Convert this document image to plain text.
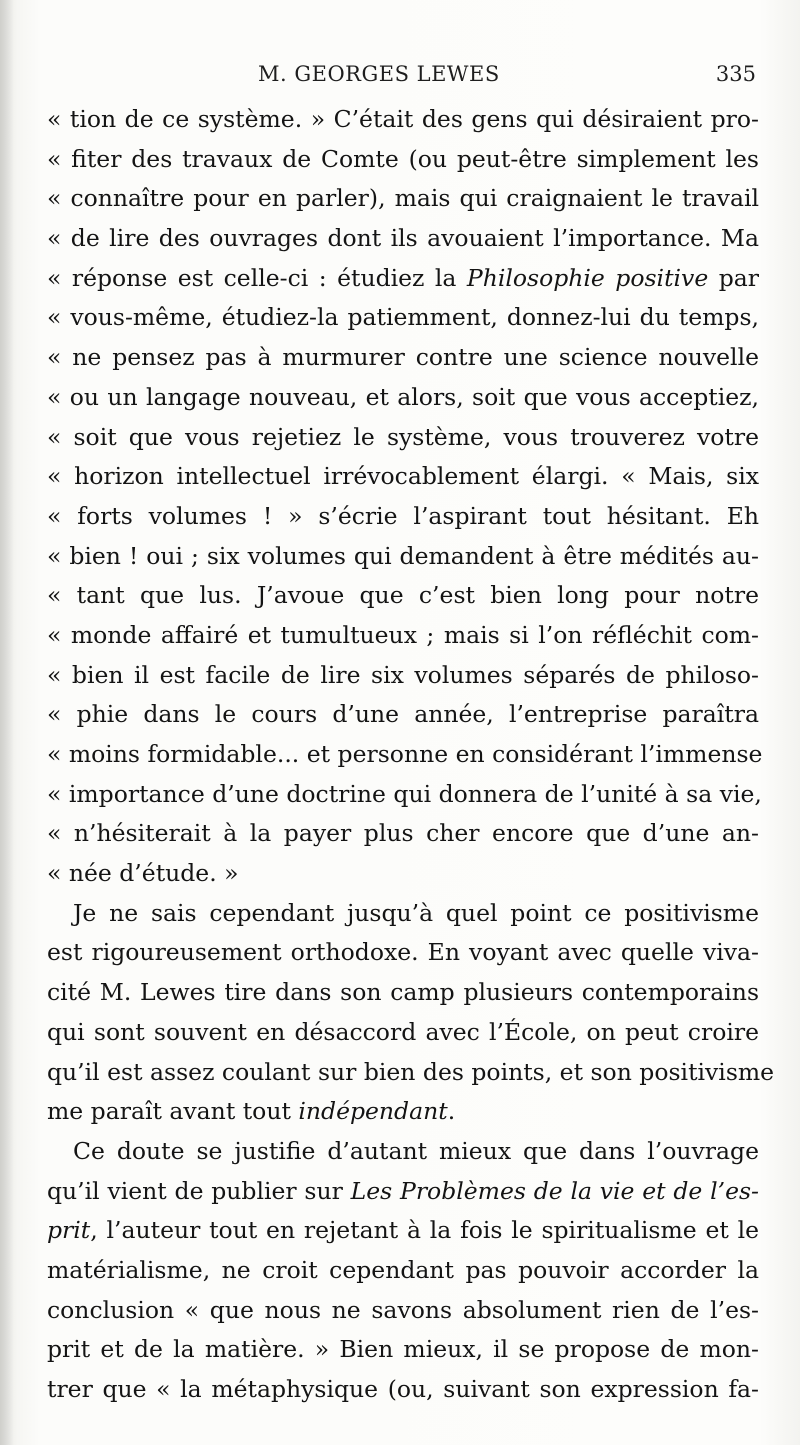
M. GEORGES LEWES	335
« tion de ce système. » C’était des gens qui désiraient pro-
« fiter des travaux de Comte (ou peut-être simplement les
« connaître pour en parler), mais qui craignaient le travail
« de lire des ouvrages dont ils avouaient l’importance. Ma
« réponse est celle-ci : étudiez la Philosophie positive par
« vous-même, étudiez-la patiemment, donnez-lui du temps,
« ne pensez pas à murmurer contre une science nouvelle
« ou un langage nouveau, et alors, soit que vous acceptiez,
« soit que vous rejetiez le système, vous trouverez votre
« horizon intellectuel irrévocablement élargi. « Mais, six
« forts volumes ! » s’écrie l’aspirant tout hésitant. Eh
« bien ! oui ; six volumes qui demandent à être médités au-
« tant que lus. J’avoue que c’est bien long pour notre
« monde affairé et tumultueux ; mais si l’on réfléchit com-
« bien il est facile de lire six volumes séparés de philoso-
« phie dans le cours d’une année, l’entreprise paraîtra
« moins formidable... et personne en considérant l’immense
« importance d’une doctrine qui donnera de l’unité à sa vie,
« n’hésiterait à la payer plus cher encore que d’une an-
« née d’étude. »
Je ne sais cependant jusqu’à quel point ce positivisme
est rigoureusement orthodoxe. En voyant avec quelle viva-
cité M. Lewes tire dans son camp plusieurs contemporains
qui sont souvent en désaccord avec l’École, on peut croire
qu’il est assez coulant sur bien des points, et son positivisme
me paraît avant tout indépendant.
Ce doute se justifie d’autant mieux que dans l’ouvrage
qu’il vient de publier sur Les Problèmes de la vie et de l’es-
prit, l’auteur tout en rejetant à la fois le spiritualisme et le
matérialisme, ne croit cependant pas pouvoir accorder la
conclusion « que nous ne savons absolument rien de l’es-
prit et de la matière. » Bien mieux, il se propose de mon-
trer que « la métaphysique (ou, suivant son expression fa-
